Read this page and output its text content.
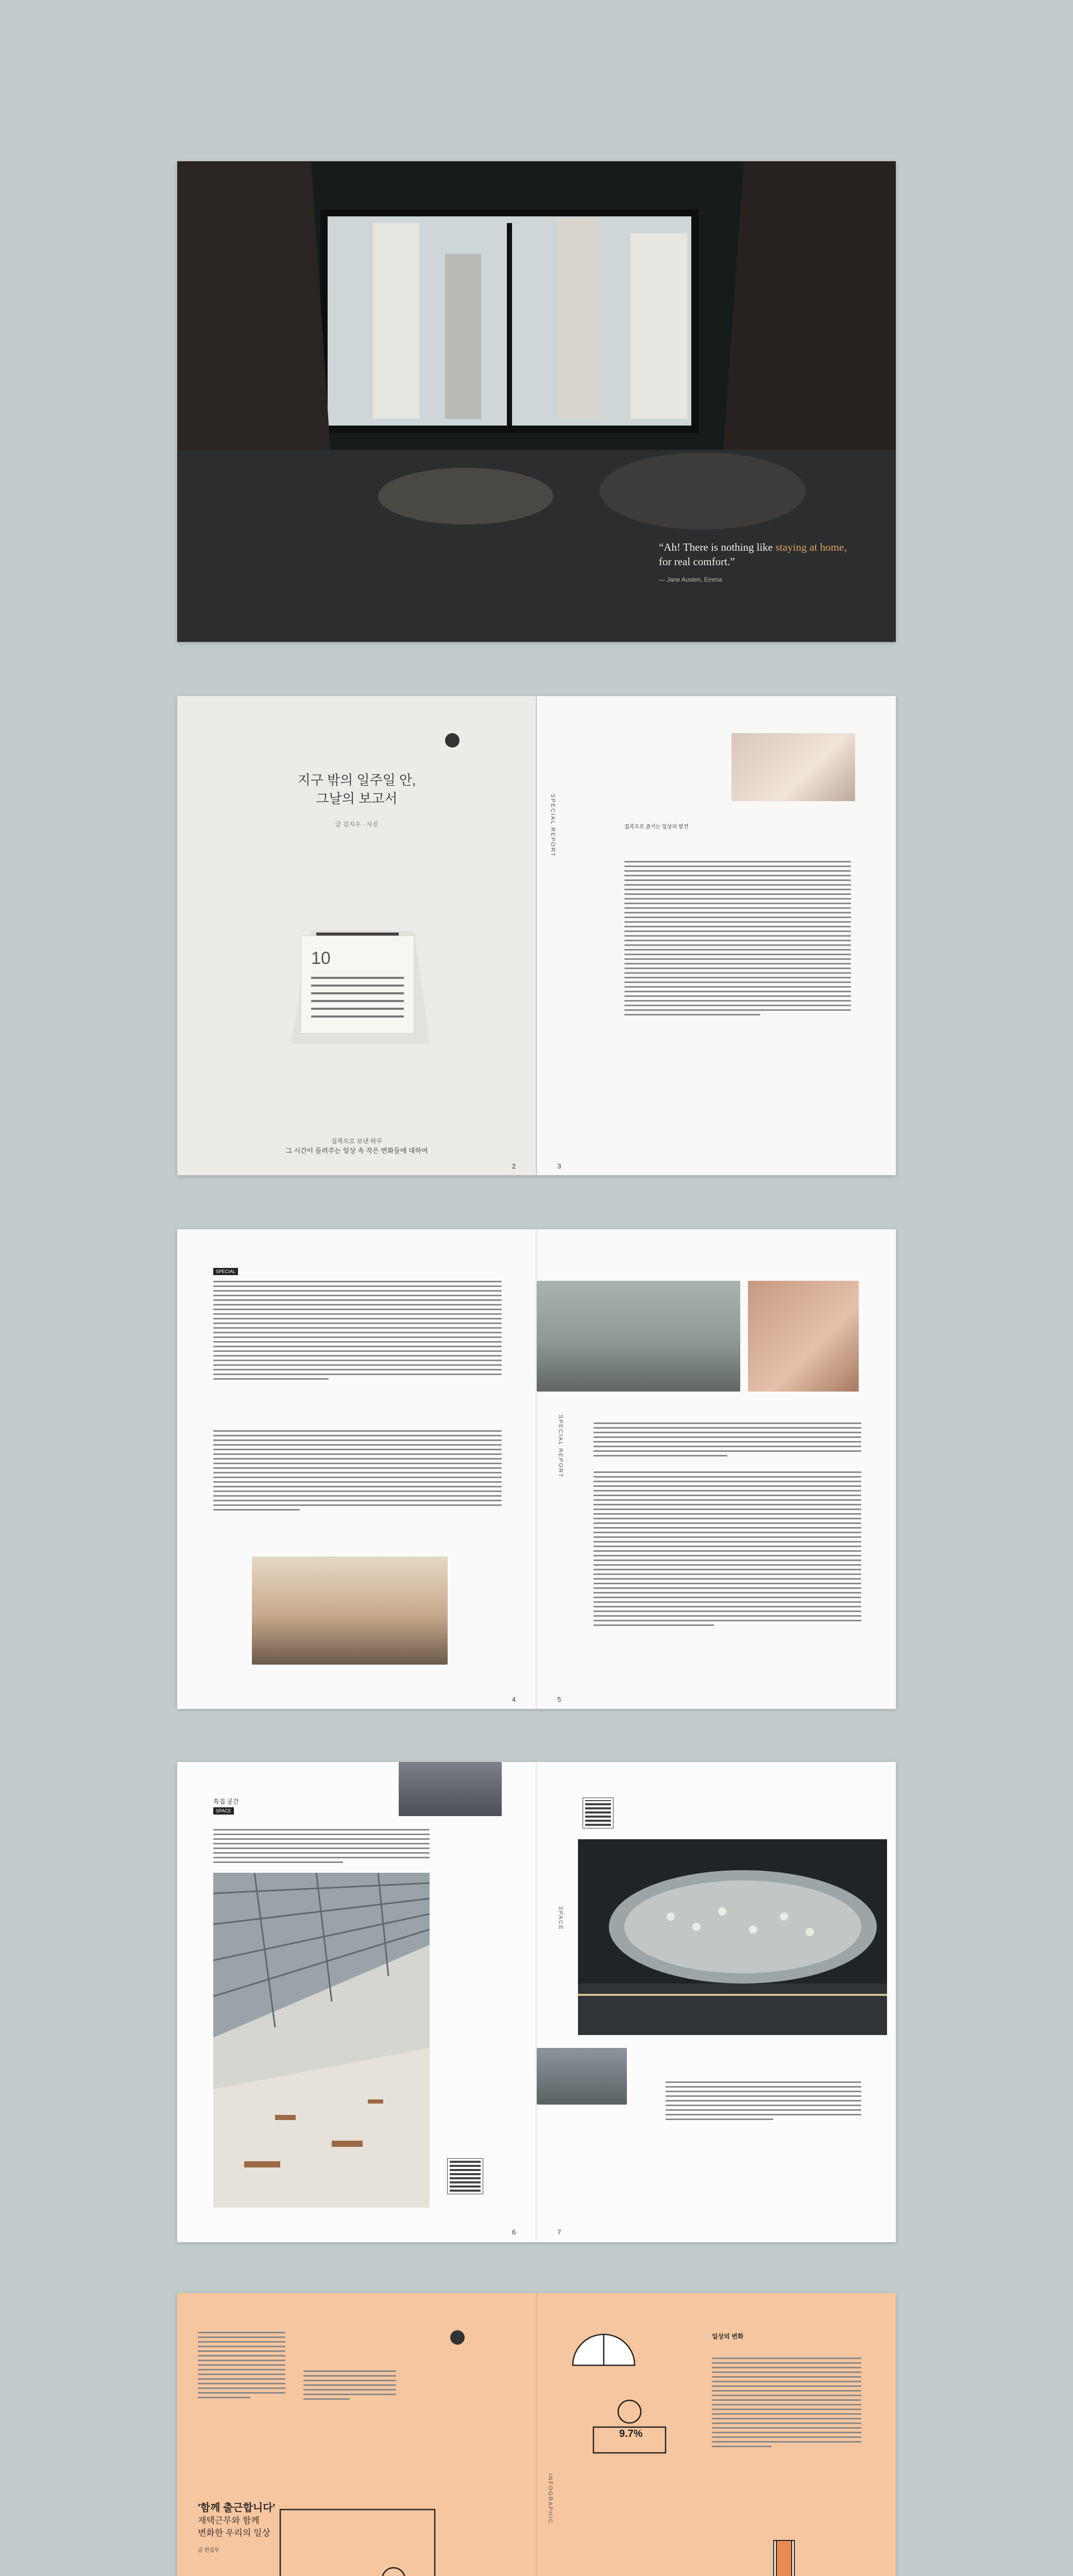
“Ah! There is nothing like staying at home,
for real comfort.”
— Jane Austen, Emma
지구 밖의 일주일 안,
그날의 보고서
글 김지수 · 사진
10
집콕으로 보낸 하루
그 시간이 들려주는 일상 속 작은 변화들에 대하여
2
SPECIAL REPORT	집콕으로 즐기는 일상의 발견
3
SPECIAL
4
SPECIAL REPORT
5
특집 공간
SPACE
6
SPACE
7
'함께 출근합니다'
재택근무와 함께
변화한 우리의 일상
글 편집부
INFOGRAPHIC
9.7%
일상의 변화
